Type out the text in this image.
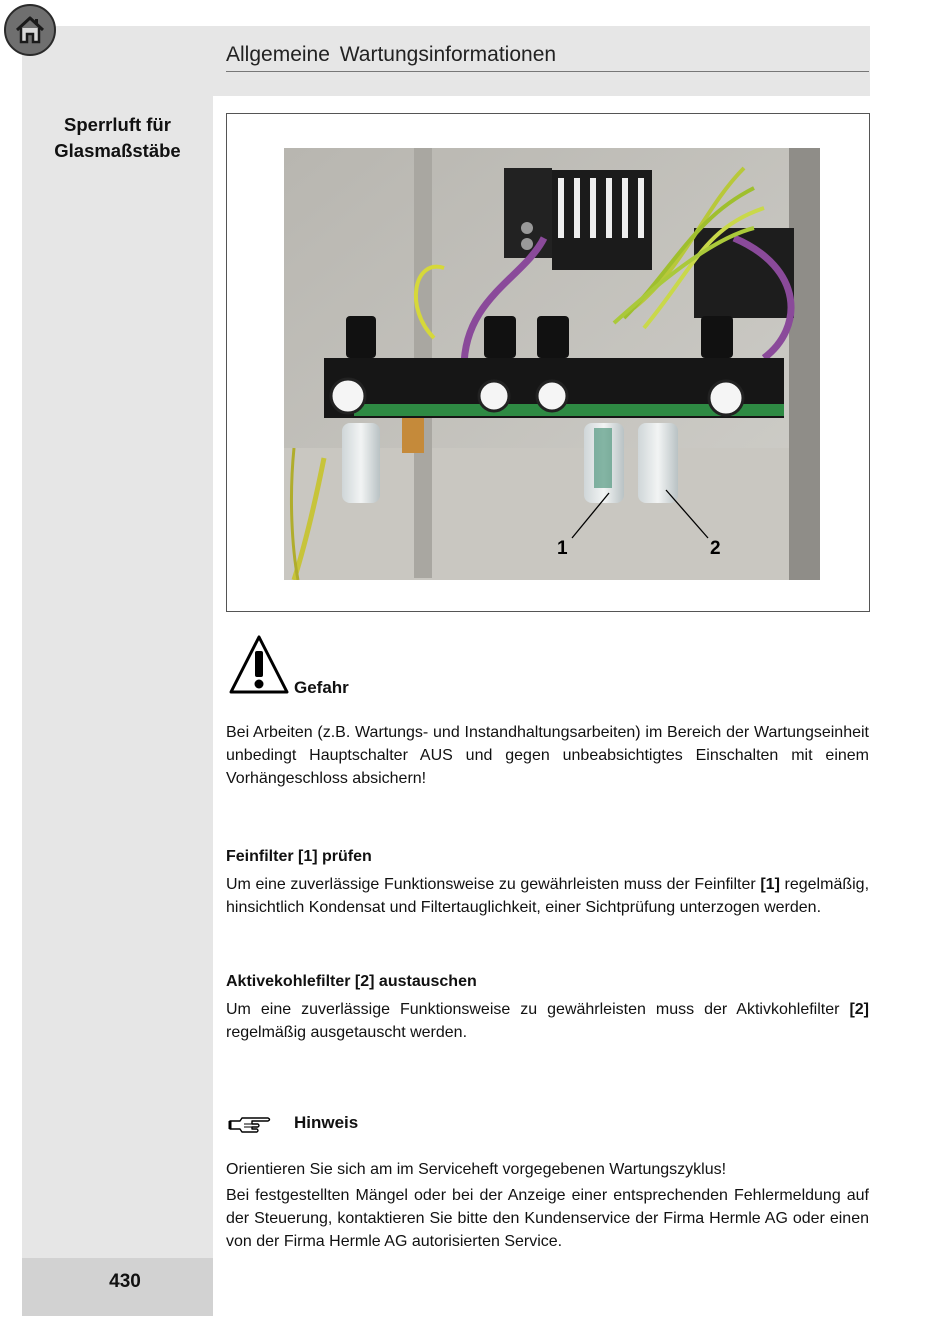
Allgemeine Wartungsinformationen
Sperrluft für
Glasmaßstäbe
1	2
Gefahr
Bei Arbeiten (z.B. Wartungs- und Instandhaltungsarbeiten) im Bereich der Wartungseinheit unbedingt Hauptschalter AUS und gegen unbeabsichtigtes Einschalten mit einem Vorhängeschloss absichern!
Feinfilter [1] prüfen
Um eine zuverlässige Funktionsweise zu gewährleisten muss der Feinfilter [1] regelmäßig, hinsichtlich Kondensat und Filtertauglichkeit, einer Sichtprüfung unterzogen werden.
Aktivekohlefilter [2] austauschen
Um eine zuverlässige Funktionsweise zu gewährleisten muss der Aktivkohlefilter [2] regelmäßig ausgetauscht werden.
Hinweis
Orientieren Sie sich am im Serviceheft vorgegebenen Wartungszyklus!
Bei festgestellten Mängel oder bei der Anzeige einer entsprechenden Fehlermeldung auf der Steuerung, kontaktieren Sie bitte den Kundenservice der Firma Hermle AG oder einen von der Firma Hermle AG autorisierten Service.
430
